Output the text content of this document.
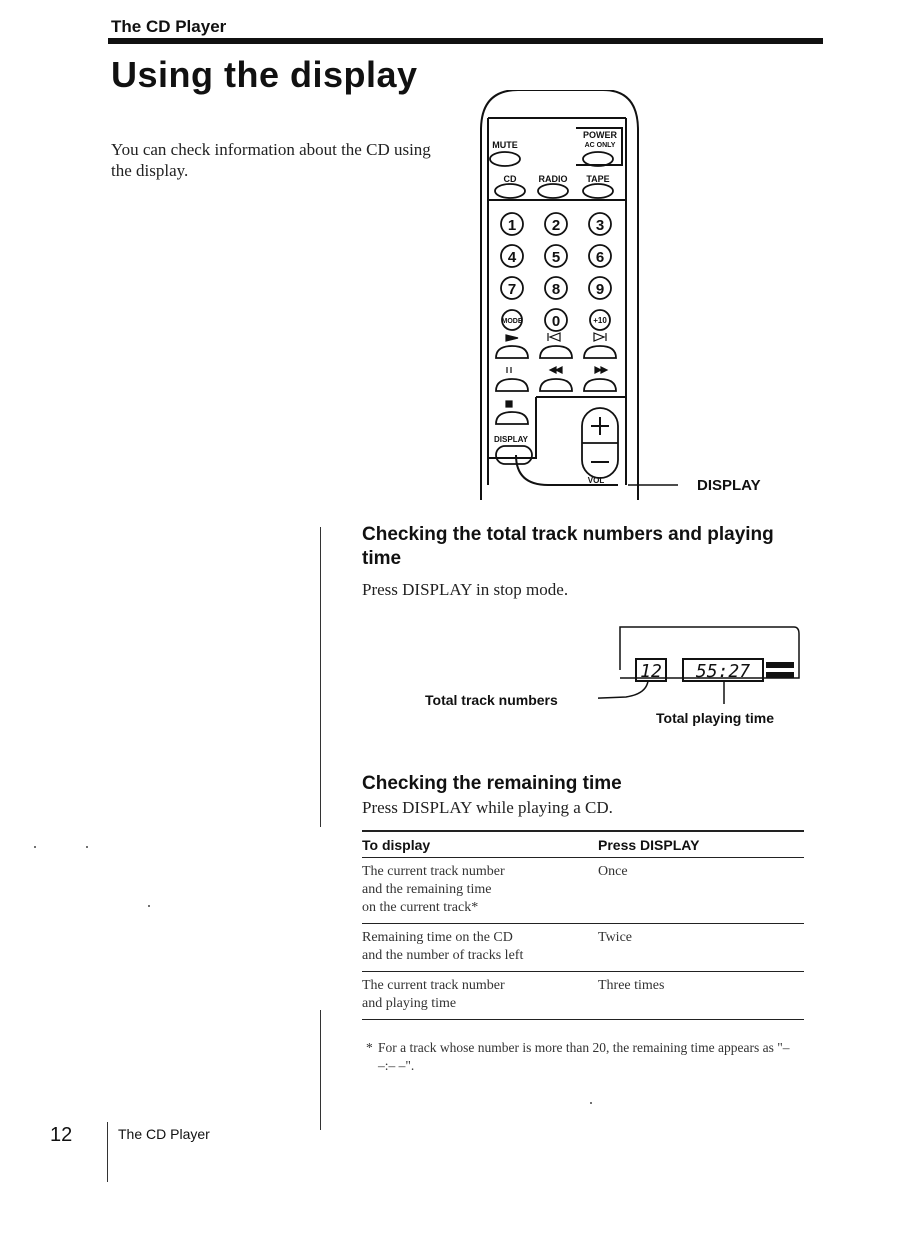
The CD Player
Using the display
You can check information about the CD using the display.
MUTE
POWER
AC ONLY
CD RADIO TAPE
DISPLAY
VOL
1 2 3
4 5 6
7 8 9
0
MODE	+10
DISPLAY
Checking the total track numbers and playing time
Press DISPLAY in stop mode.
12 55:27
Total track numbers
Total playing time
Checking the remaining time
Press DISPLAY while playing a CD.
To display	Press DISPLAY
The current track number
and the remaining time
on the current track*
Once
Remaining time on the CD
and the number of tracks left
Twice
The current track number
and playing time
Three times
* For a track whose number is more than 20, the remaining time appears as "– –:– –".
12	The CD Player
